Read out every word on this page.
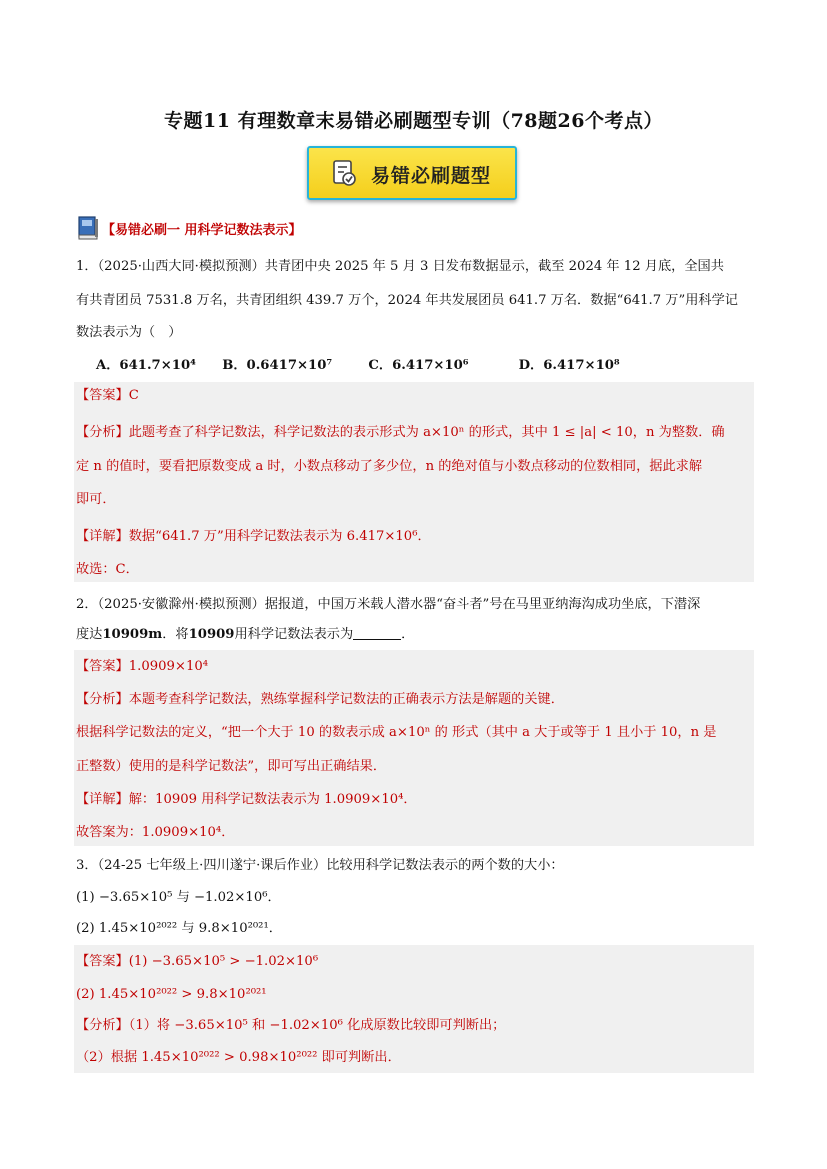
专题11 有理数章末易错必刷题型专训（78题26个考点）
易错必刷题型
【易错必刷一 用科学记数法表示】
1．（2025·山西大同·模拟预测）共青团中央 2025 年 5 月 3 日发布数据显示，截至 2024 年 12 月底，全国共
有共青团员 7531.8 万名，共青团组织 439.7 万个，2024 年共发展团员 641.7 万名．数据“641.7 万”用科学记
数法表示为（　）
A．641.7×10⁴ B．0.6417×10⁷	C．6.417×10⁶	D．6.417×10⁸
【答案】C
【分析】此题考查了科学记数法，科学记数法的表示形式为 a×10ⁿ 的形式，其中 1 ≤ |a| < 10，n 为整数．确
定 n 的值时，要看把原数变成 a 时，小数点移动了多少位，n 的绝对值与小数点移动的位数相同，据此求解
即可．
【详解】数据“641.7 万”用科学记数法表示为 6.417×10⁶．
故选：C．
2．（2025·安徽滁州·模拟预测）据报道，中国万米载人潜水器“奋斗者”号在马里亚纳海沟成功坐底，下潜深
度达10909m．将10909用科学记数法表示为	．
【答案】1.0909×10⁴
【分析】本题考查科学记数法，熟练掌握科学记数法的正确表示方法是解题的关键．
根据科学记数法的定义，“把一个大于 10 的数表示成 a×10ⁿ 的 形式（其中 a 大于或等于 1 且小于 10，n 是
正整数）使用的是科学记数法”，即可写出正确结果．
【详解】解：10909 用科学记数法表示为 1.0909×10⁴．
故答案为：1.0909×10⁴．
3．（24-25 七年级上·四川遂宁·课后作业）比较用科学记数法表示的两个数的大小：
(1) −3.65×10⁵ 与 −1.02×10⁶．
(2) 1.45×10²⁰²² 与 9.8×10²⁰²¹．
【答案】(1) −3.65×10⁵ > −1.02×10⁶
(2) 1.45×10²⁰²² > 9.8×10²⁰²¹
【分析】（1）将 −3.65×10⁵ 和 −1.02×10⁶ 化成原数比较即可判断出；
（2）根据 1.45×10²⁰²² > 0.98×10²⁰²² 即可判断出．
